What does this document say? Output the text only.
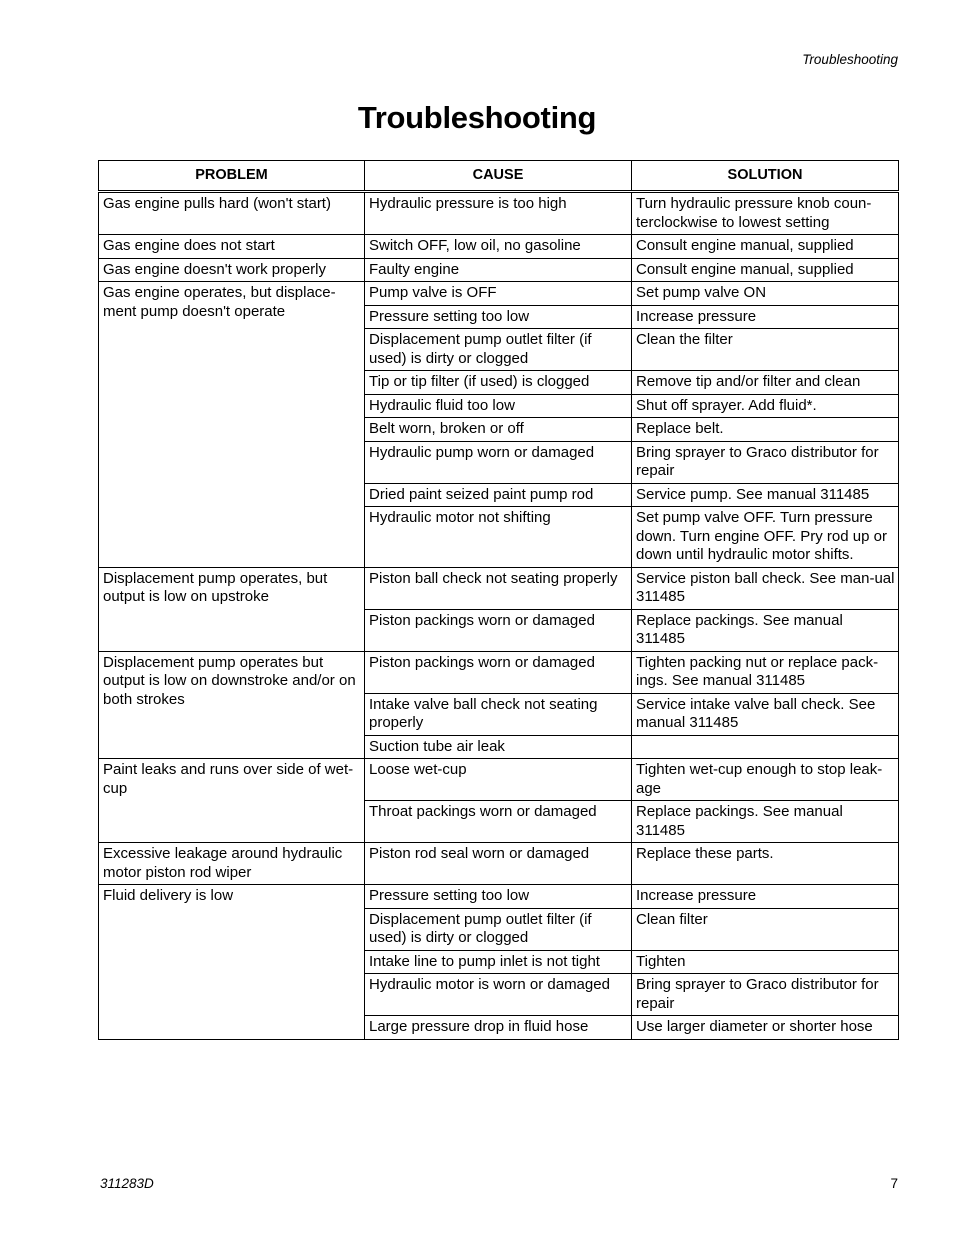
Troubleshooting
Troubleshooting
PROBLEM	CAUSE	SOLUTION
Gas engine pulls hard (won't start)	Hydraulic pressure is too high	Turn hydraulic pressure knob coun-terclockwise to lowest setting
Gas engine does not start	Switch OFF, low oil, no gasoline	Consult engine manual, supplied
Gas engine doesn't work properly	Faulty engine	Consult engine manual, supplied
Gas engine operates, but displace-ment pump doesn't operate	Pump valve is OFF	Set pump valve ON
	Pressure setting too low	Increase pressure
	Displacement pump outlet filter (if used) is dirty or clogged	Clean the filter
	Tip or tip filter (if used) is clogged	Remove tip and/or filter and clean
	Hydraulic fluid too low	Shut off sprayer. Add fluid*.
	Belt worn, broken or off	Replace belt.
	Hydraulic pump worn or damaged	Bring sprayer to Graco distributor for repair
	Dried paint seized paint pump rod	Service pump. See manual 311485
	Hydraulic motor not shifting	Set pump valve OFF. Turn pressure down. Turn engine OFF. Pry rod up or down until hydraulic motor shifts.
Displacement pump operates, but output is low on upstroke	Piston ball check not seating properly	Service piston ball check. See man-ual 311485
	Piston packings worn or damaged	Replace packings. See manual 311485
Displacement pump operates but output is low on downstroke and/or on both strokes	Piston packings worn or damaged	Tighten packing nut or replace pack-ings. See manual 311485
	Intake valve ball check not seating properly	Service intake valve ball check. See manual 311485
	Suction tube air leak	
Paint leaks and runs over side of wet-cup	Loose wet-cup	Tighten wet-cup enough to stop leak-age
	Throat packings worn or damaged	Replace packings. See manual 311485
Excessive leakage around hydraulic motor piston rod wiper	Piston rod seal worn or damaged	Replace these parts.
Fluid delivery is low	Pressure setting too low	Increase pressure
	Displacement pump outlet filter (if used) is dirty or clogged	Clean filter
	Intake line to pump inlet is not tight	Tighten
	Hydraulic motor is worn or damaged	Bring sprayer to Graco distributor for repair
	Large pressure drop in fluid hose	Use larger diameter or shorter hose
311283D	7
